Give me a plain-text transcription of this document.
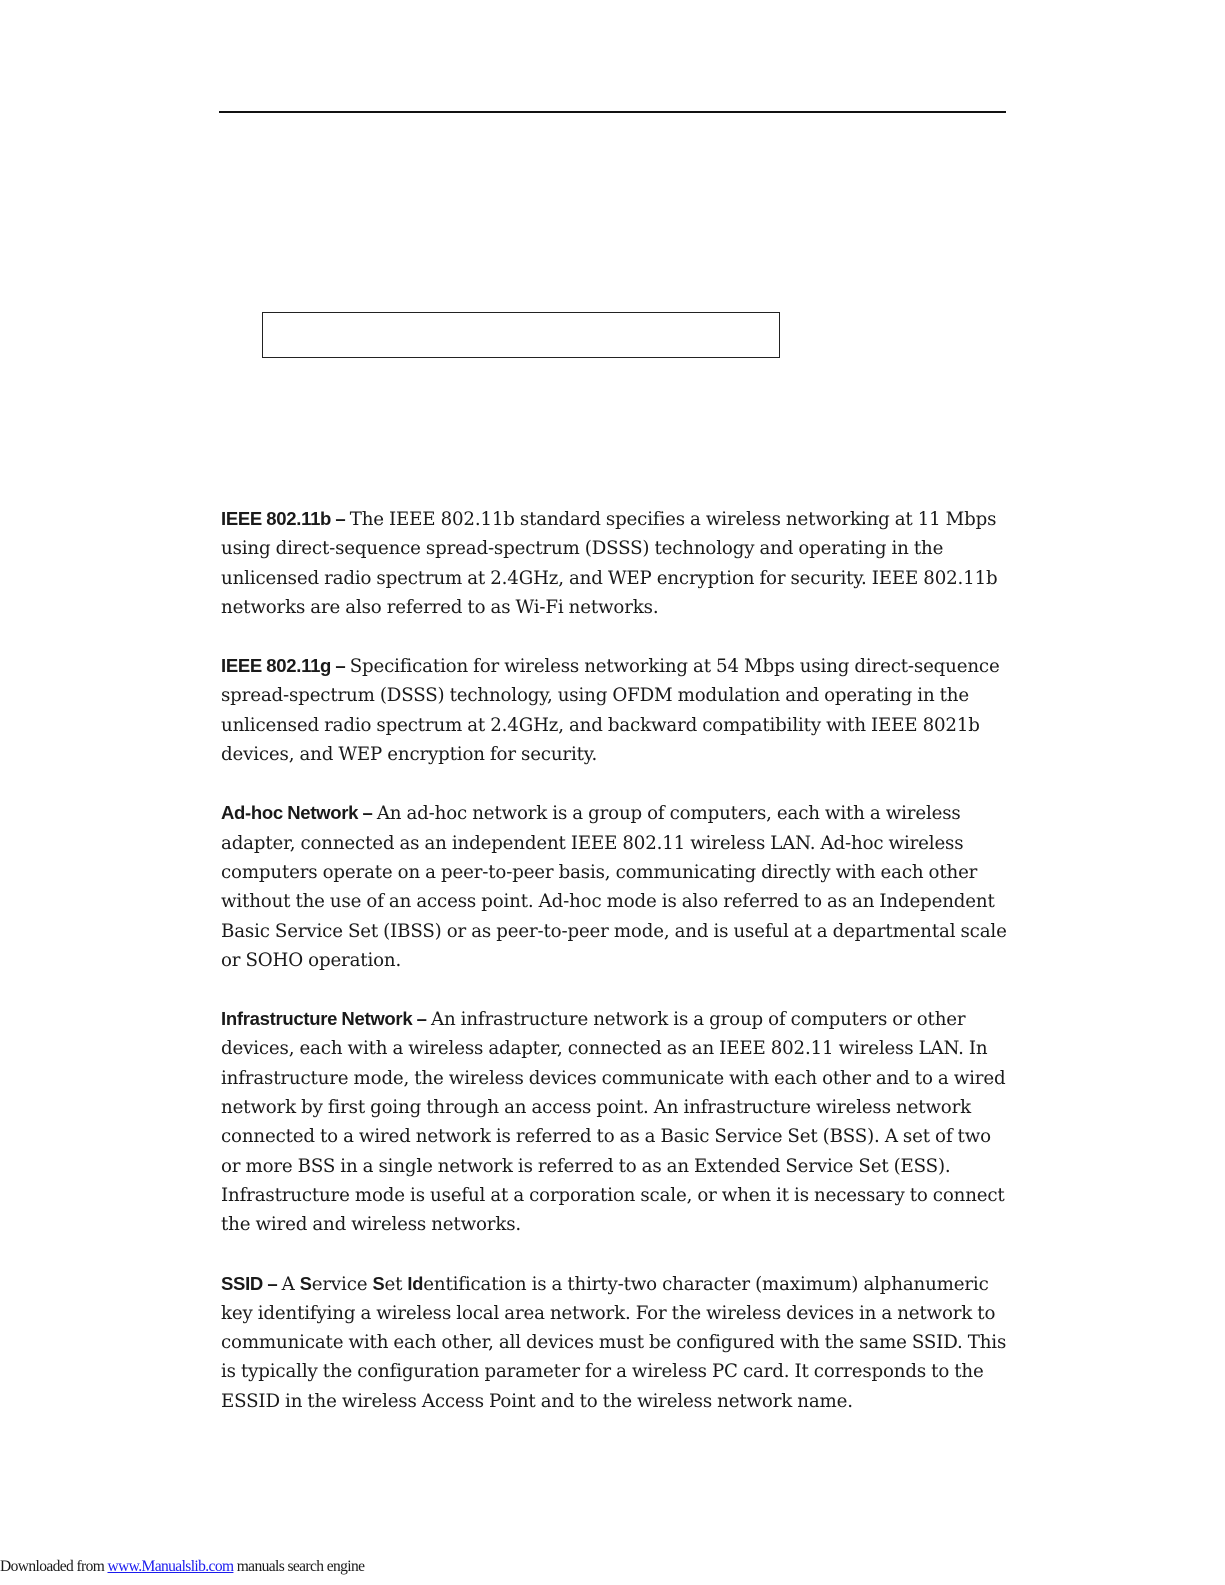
IEEE 802.11b – The IEEE 802.11b standard specifies a wireless networking at 11 Mbps using direct-sequence spread-spectrum (DSSS) technology and operating in the unlicensed radio spectrum at 2.4GHz, and WEP encryption for security. IEEE 802.11b networks are also referred to as Wi-Fi networks.

IEEE 802.11g – Specification for wireless networking at 54 Mbps using direct-sequence spread-spectrum (DSSS) technology, using OFDM modulation and operating in the unlicensed radio spectrum at 2.4GHz, and backward compatibility with IEEE 8021b devices, and WEP encryption for security.

Ad-hoc Network – An ad-hoc network is a group of computers, each with a wireless adapter, connected as an independent IEEE 802.11 wireless LAN. Ad-hoc wireless computers operate on a peer-to-peer basis, communicating directly with each other without the use of an access point. Ad-hoc mode is also referred to as an Independent Basic Service Set (IBSS) or as peer-to-peer mode, and is useful at a departmental scale or SOHO operation.

Infrastructure Network – An infrastructure network is a group of computers or other devices, each with a wireless adapter, connected as an IEEE 802.11 wireless LAN. In infrastructure mode, the wireless devices communicate with each other and to a wired network by first going through an access point. An infrastructure wireless network connected to a wired network is referred to as a Basic Service Set (BSS). A set of two or more BSS in a single network is referred to as an Extended Service Set (ESS). Infrastructure mode is useful at a corporation scale, or when it is necessary to connect the wired and wireless networks.

SSID – A Service Set Identification is a thirty-two character (maximum) alphanumeric key identifying a wireless local area network. For the wireless devices in a network to communicate with each other, all devices must be configured with the same SSID. This is typically the configuration parameter for a wireless PC card. It corresponds to the ESSID in the wireless Access Point and to the wireless network name.

Downloaded from www.Manualslib.com manuals search engine
